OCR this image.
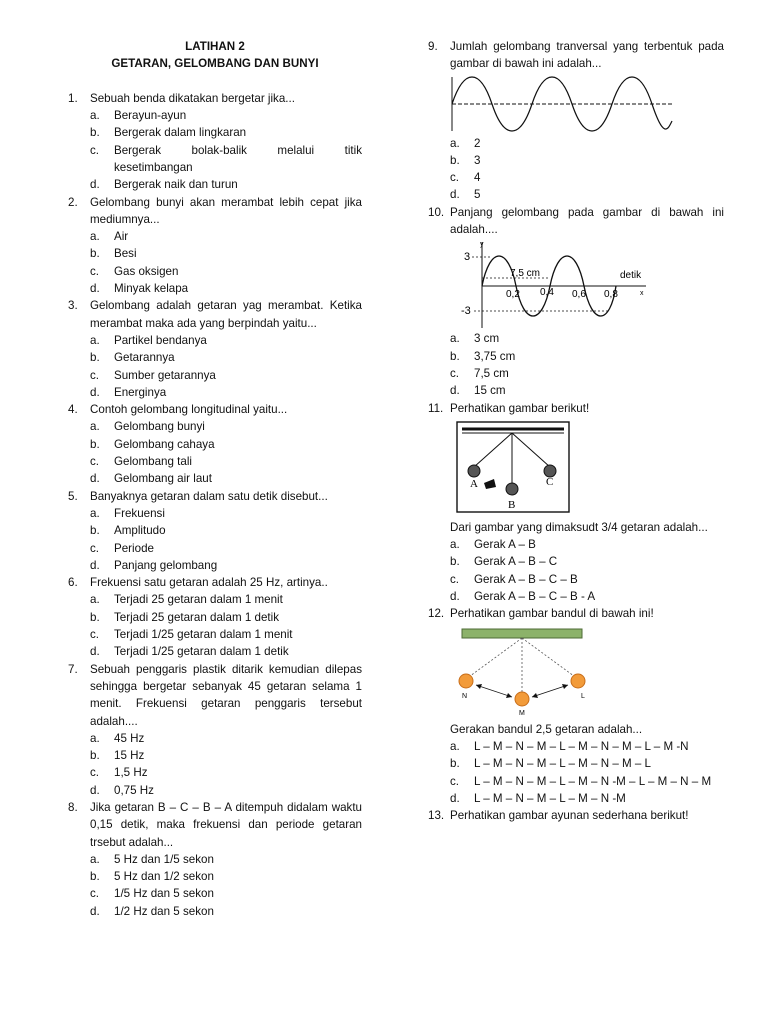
LATIHAN 2
GETARAN, GELOMBANG DAN BUNYI
1.	Sebuah benda dikatakan bergetar jika...
a.	Berayun-ayun
b.	Bergerak dalam lingkaran
c.	Bergerak bolak-balik melalui titik kesetimbangan
d.	Bergerak naik dan turun
2.	Gelombang bunyi akan merambat lebih cepat jika mediumnya...
a.	Air
b.	Besi
c.	Gas oksigen
d.	Minyak kelapa
3.	Gelombang adalah getaran yag merambat. Ketika merambat maka ada yang berpindah yaitu...
a.	Partikel bendanya
b.	Getarannya
c.	Sumber getarannya
d.	Energinya
4.	Contoh gelombang longitudinal yaitu...
a.	Gelombang bunyi
b.	Gelombang cahaya
c.	Gelombang tali
d.	Gelombang air laut
5.	Banyaknya getaran dalam satu detik disebut...
a.	Frekuensi
b.	Amplitudo
c.	Periode
d.	Panjang gelombang
6.	Frekuensi satu getaran adalah 25 Hz, artinya..
a.	Terjadi 25 getaran dalam 1 menit
b.	Terjadi 25 getaran dalam 1 detik
c.	Terjadi 1/25 getaran dalam 1 menit
d.	Terjadi 1/25 getaran dalam 1 detik
7.	Sebuah penggaris plastik ditarik kemudian dilepas sehingga bergetar sebanyak 45 getaran selama 1 menit. Frekuensi getaran penggaris tersebut adalah....
a.	45 Hz
b.	15 Hz
c.	1,5 Hz
d.	0,75 Hz
8.	Jika getaran B – C – B – A ditempuh didalam waktu 0,15 detik, maka frekuensi dan periode getaran trsebut adalah...
a.	5 Hz dan 1/5 sekon
b.	5 Hz dan 1/2 sekon
c.	1/5 Hz dan 5 sekon
d.	1/2 Hz dan 5 sekon
9.	Jumlah gelombang tranversal yang terbentuk pada gambar di bawah ini adalah...
a.	2
b.	3
c.	4
d.	5
10. Panjang gelombang pada gambar di bawah ini adalah....
y
x
3
-3
7,5 cm	detik
0,2 0,4 0,6 0,8
a.	3 cm
b.	3,75 cm
c.	7,5 cm
d.	15 cm
11. Perhatikan gambar berikut!
A
B
C
Dari gambar yang dimaksudt 3/4 getaran adalah...
a.	Gerak A – B
b.	Gerak A – B – C
c.	Gerak A – B – C – B
d.	Gerak A – B – C – B - A
12. Perhatikan gambar bandul di bawah ini!
N
M
L
Gerakan bandul 2,5 getaran adalah...
a.	L – M – N – M – L – M – N – M – L – M -N
b.	L – M – N – M – L – M – N – M – L
c.	L – M – N – M – L – M – N -M – L – M – N – M
d.	L – M – N – M – L – M – N -M
13. Perhatikan gambar ayunan sederhana berikut!
